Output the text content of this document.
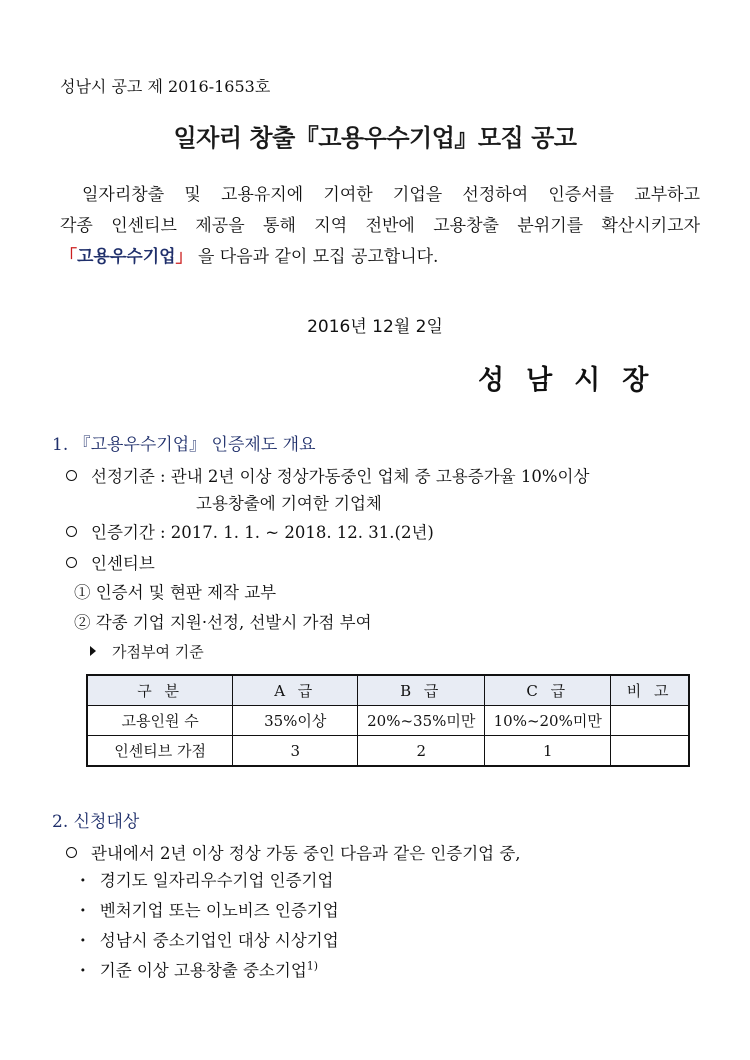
성남시 공고 제 2016-1653호
일자리 창출『고용우수기업』모집 공고
일자리창출 및 고용유지에 기여한 기업을 선정하여 인증서를 교부하고
각종 인센티브 제공을 통해 지역 전반에 고용창출 분위기를 확산시키고자
「고용우수기업」 을 다음과 같이 모집 공고합니다.
2016년 12월 2일
성남시장
1. 『고용우수기업』 인증제도 개요
선정기준 : 관내 2년 이상 정상가동중인 업체 중 고용증가율 10%이상
고용창출에 기여한 기업체
인증기간 : 2017. 1. 1. ~ 2018. 12. 31.(2년)
인센티브
① 인증서 및 현판 제작 교부
② 각종 기업 지원·선정, 선발시 가점 부여
가점부여 기준
구 분	A 급	B 급	C 급	비 고
고용인원 수	35%이상	20%~35%미만	10%~20%미만	
인센티브 가점	3	2	1	
2. 신청대상
관내에서 2년 이상 정상 가동 중인 다음과 같은 인증기업 중,
· 경기도 일자리우수기업 인증기업
· 벤처기업 또는 이노비즈 인증기업
· 성남시 중소기업인 대상 시상기업
· 기준 이상 고용창출 중소기업$^{1)}$
